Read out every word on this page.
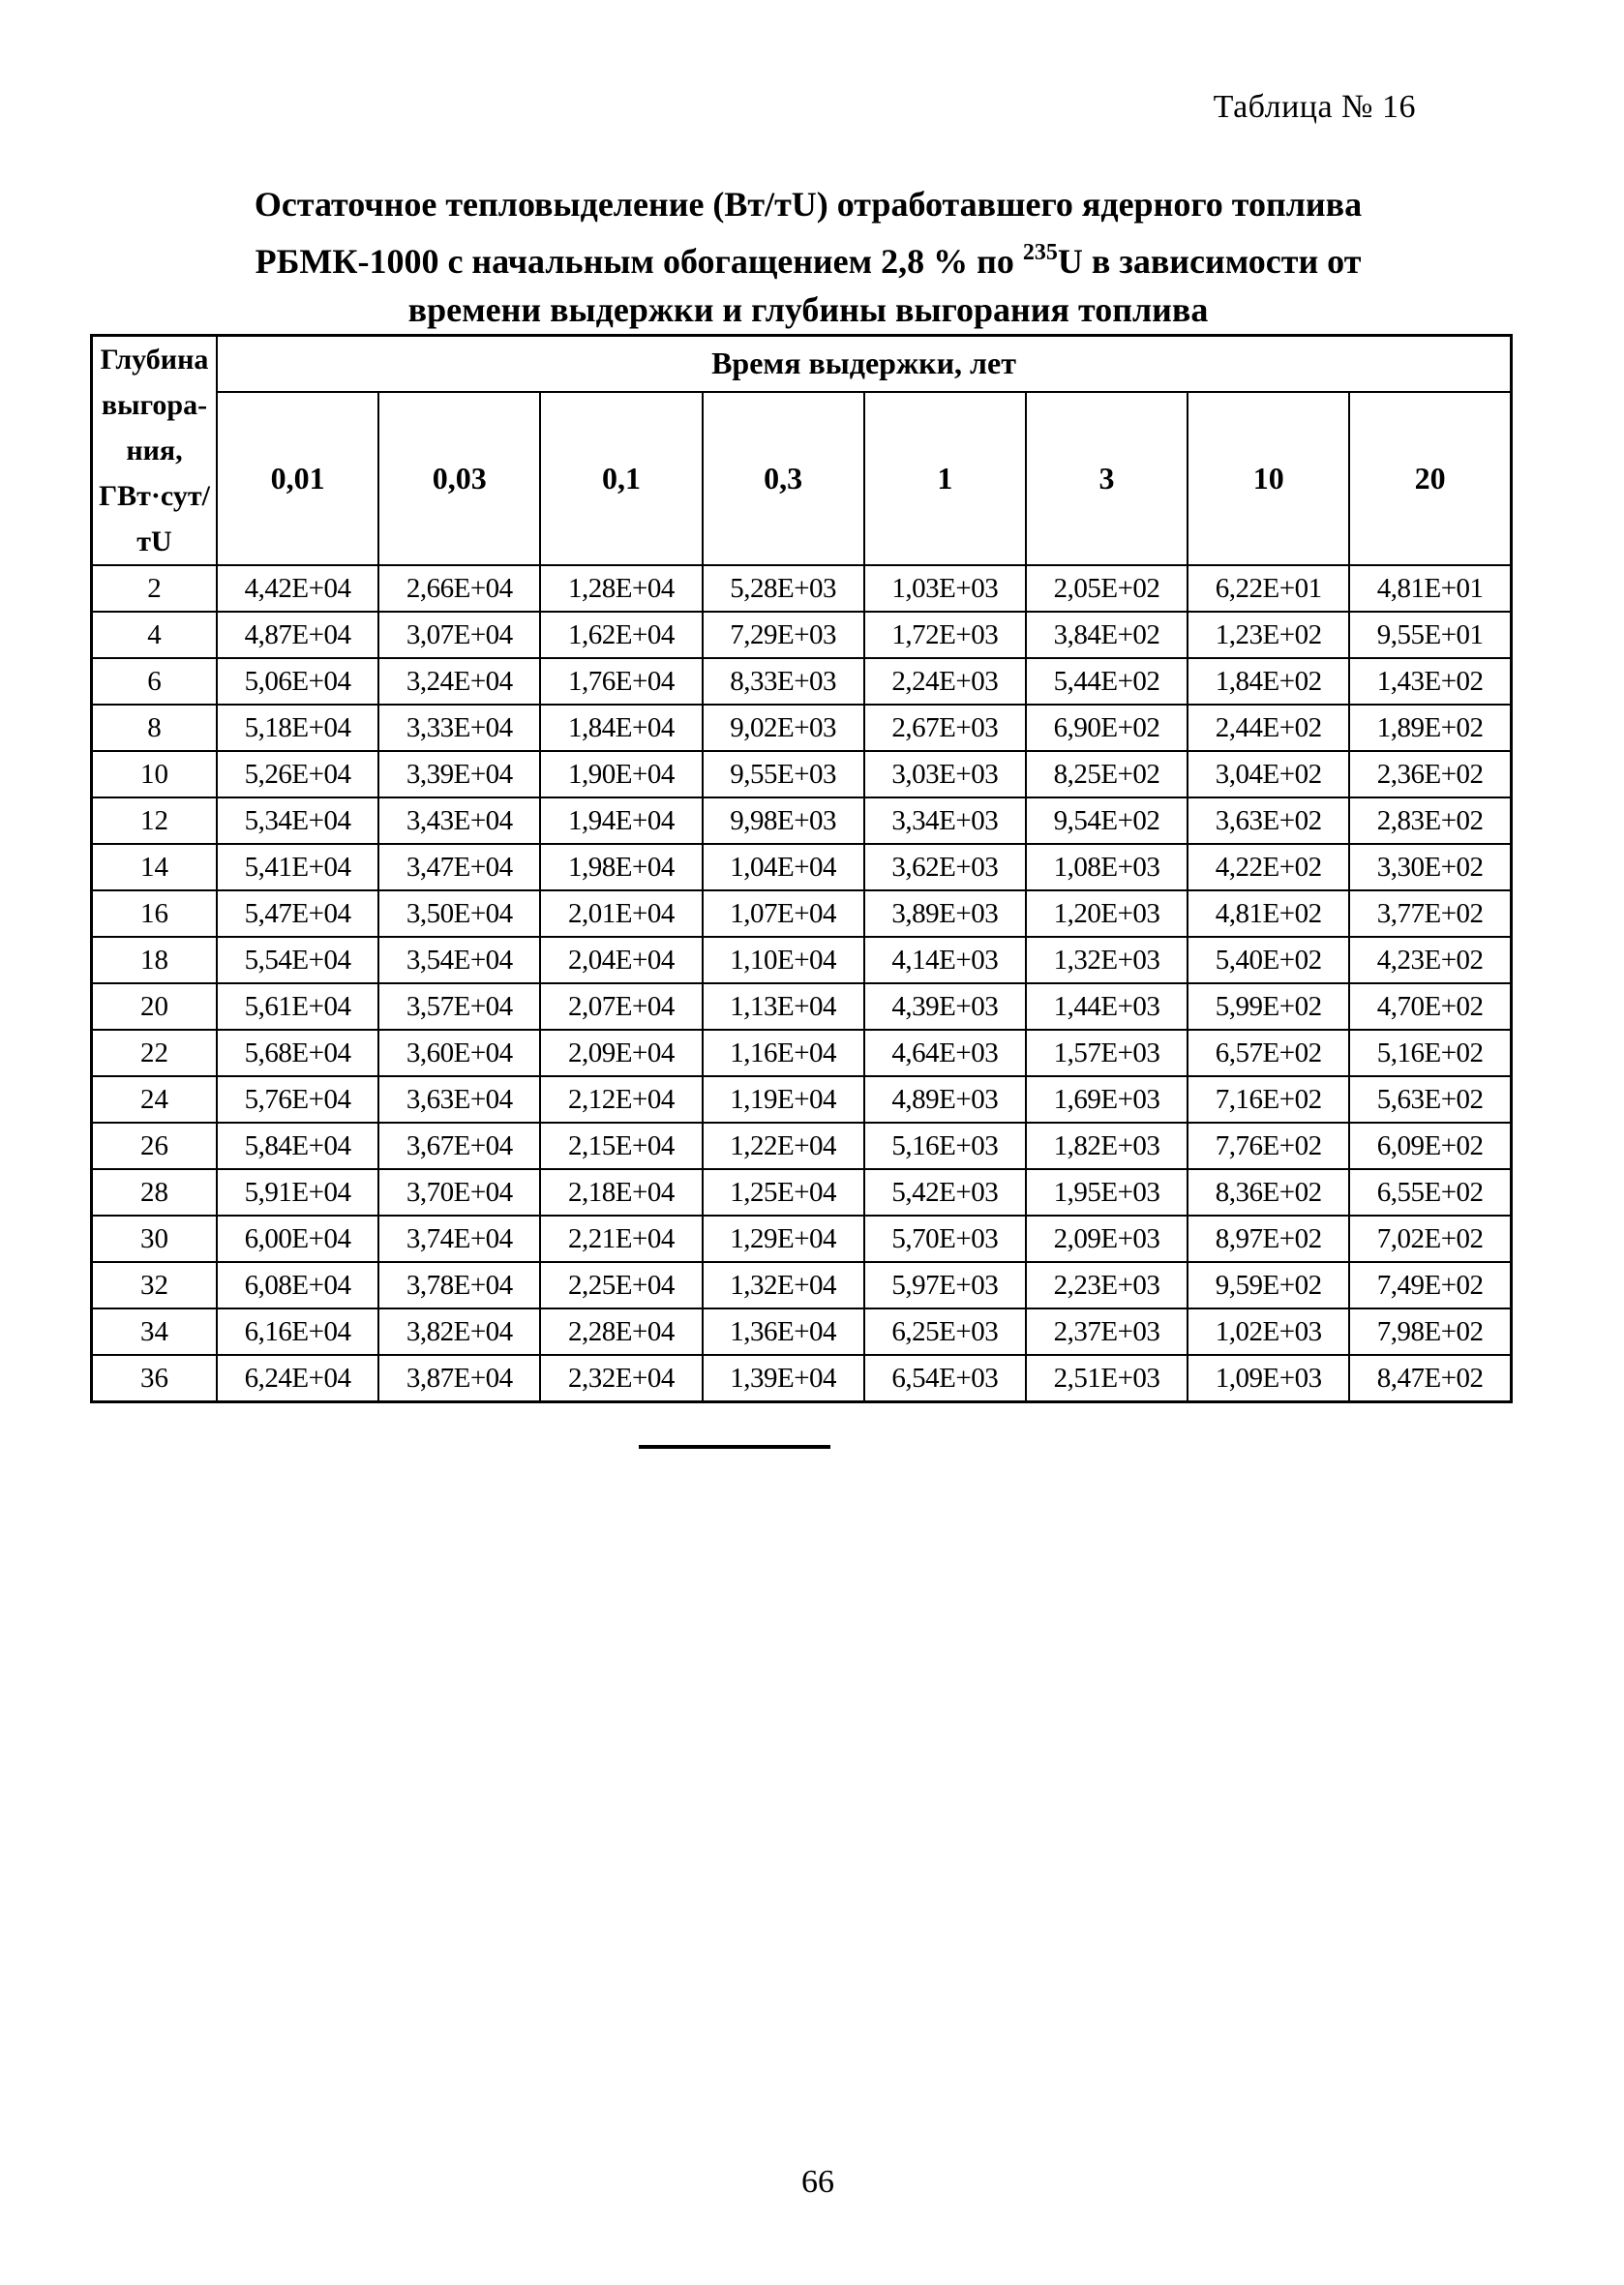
Таблица № 16
Остаточное тепловыделение (Вт/тU) отработавшего ядерного топлива
РБМК-1000 с начальным обогащением 2,8 % по $^{235}$U в зависимости от
времени выдержки и глубины выгорания топлива
Глубина
выгора-
ния,
ГВт·сут/тU	Время выдержки, лет							
	0,01	0,03	0,1	0,3	1	3	10	20
2	4,42E+04	2,66E+04	1,28E+04	5,28E+03	1,03E+03	2,05E+02	6,22E+01	4,81E+01
4	4,87E+04	3,07E+04	1,62E+04	7,29E+03	1,72E+03	3,84E+02	1,23E+02	9,55E+01
6	5,06E+04	3,24E+04	1,76E+04	8,33E+03	2,24E+03	5,44E+02	1,84E+02	1,43E+02
8	5,18E+04	3,33E+04	1,84E+04	9,02E+03	2,67E+03	6,90E+02	2,44E+02	1,89E+02
10	5,26E+04	3,39E+04	1,90E+04	9,55E+03	3,03E+03	8,25E+02	3,04E+02	2,36E+02
12	5,34E+04	3,43E+04	1,94E+04	9,98E+03	3,34E+03	9,54E+02	3,63E+02	2,83E+02
14	5,41E+04	3,47E+04	1,98E+04	1,04E+04	3,62E+03	1,08E+03	4,22E+02	3,30E+02
16	5,47E+04	3,50E+04	2,01E+04	1,07E+04	3,89E+03	1,20E+03	4,81E+02	3,77E+02
18	5,54E+04	3,54E+04	2,04E+04	1,10E+04	4,14E+03	1,32E+03	5,40E+02	4,23E+02
20	5,61E+04	3,57E+04	2,07E+04	1,13E+04	4,39E+03	1,44E+03	5,99E+02	4,70E+02
22	5,68E+04	3,60E+04	2,09E+04	1,16E+04	4,64E+03	1,57E+03	6,57E+02	5,16E+02
24	5,76E+04	3,63E+04	2,12E+04	1,19E+04	4,89E+03	1,69E+03	7,16E+02	5,63E+02
26	5,84E+04	3,67E+04	2,15E+04	1,22E+04	5,16E+03	1,82E+03	7,76E+02	6,09E+02
28	5,91E+04	3,70E+04	2,18E+04	1,25E+04	5,42E+03	1,95E+03	8,36E+02	6,55E+02
30	6,00E+04	3,74E+04	2,21E+04	1,29E+04	5,70E+03	2,09E+03	8,97E+02	7,02E+02
32	6,08E+04	3,78E+04	2,25E+04	1,32E+04	5,97E+03	2,23E+03	9,59E+02	7,49E+02
34	6,16E+04	3,82E+04	2,28E+04	1,36E+04	6,25E+03	2,37E+03	1,02E+03	7,98E+02
36	6,24E+04	3,87E+04	2,32E+04	1,39E+04	6,54E+03	2,51E+03	1,09E+03	8,47E+02
66
